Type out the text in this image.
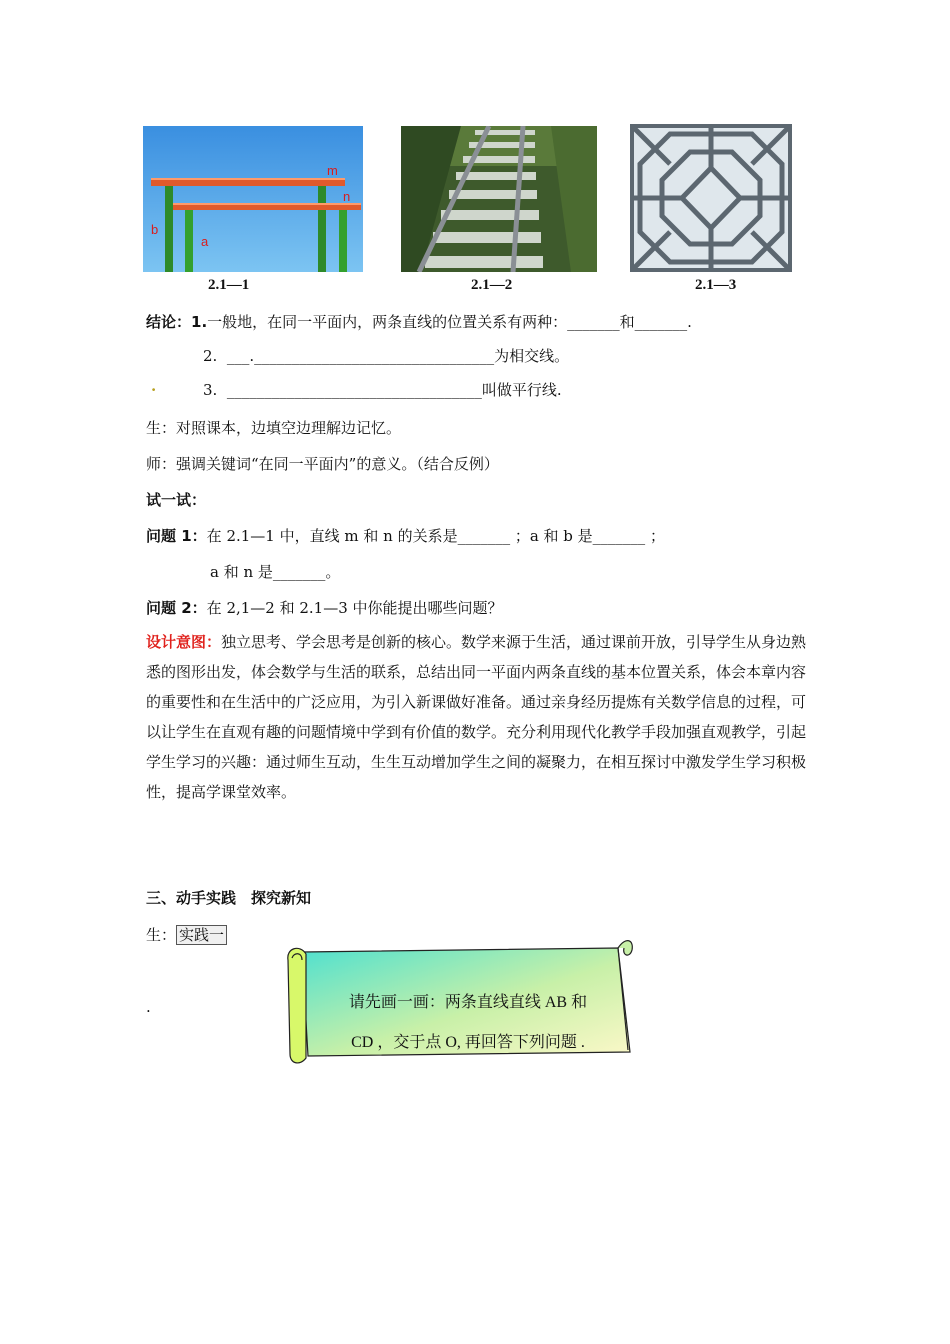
m
n
b
a
2.1—1	2.1—2	2.1—3
结论：1.一般地，在同一平面内，两条直线的位置关系有两种：_______和_______.
2. ___.________________________________为相交线。
.	3. __________________________________叫做平行线.
生：对照课本，边填空边理解边记忆。
师：强调关键词“在同一平面内”的意义。（结合反例）
试一试：
问题 1：在 2.1—1 中，直线 m 和 n 的关系是_______ ；a 和 b 是_______ ；
a 和 n 是_______。
问题 2：在 2,1—2 和 2.1—3 中你能提出哪些问题？
设计意图：独立思考、学会思考是创新的核心。数学来源于生活，通过课前开放，引导学生从身边熟悉的图形出发，体会数学与生活的联系，总结出同一平面内两条直线的基本位置关系，体会本章内容的重要性和在生活中的广泛应用，为引入新课做好准备。通过亲身经历提炼有关数学信息的过程，可以让学生在直观有趣的问题情境中学到有价值的数学。充分利用现代化教学手段加强直观教学，引起学生学习的兴趣：通过师生互动，生生互动增加学生之间的凝聚力，在相互探讨中激发学生学习积极性，提高学课堂效率。
三、动手实践　探究新知
生： 实践一
.	请先画一画：两条直线直线 AB 和
CD ，交于点 O, 再回答下列问题 .
